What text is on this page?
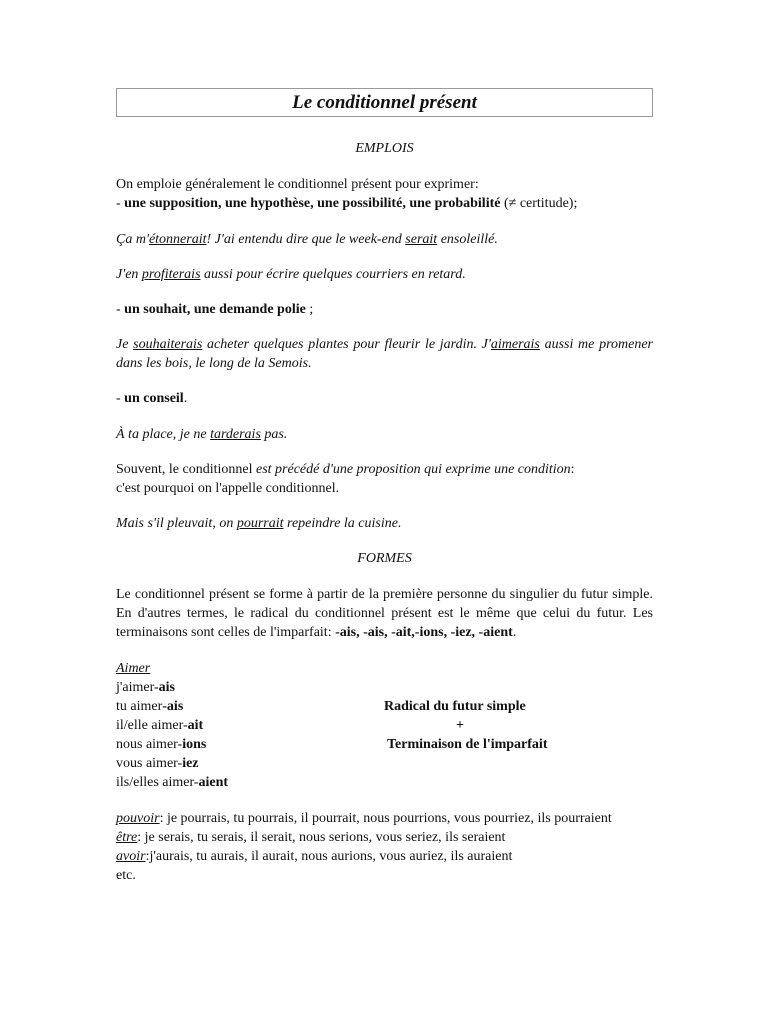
Le conditionnel présent

EMPLOIS

On emploie généralement le conditionnel présent pour exprimer:

- une supposition, une hypothèse, une possibilité, une probabilité (≠ certitude);

Ça m'étonnerait! J'ai entendu dire que le week-end serait ensoleillé.

J'en profiterais aussi pour écrire quelques courriers en retard.

- un souhait, une demande polie ;

Je souhaiterais acheter quelques plantes pour fleurir le jardin. J'aimerais aussi me promener dans les bois, le long de la Semois.

- un conseil.

À ta place, je ne tarderais pas.

Souvent, le conditionnel est précédé d'une proposition qui exprime une condition:
c'est pourquoi on l'appelle conditionnel.

Mais s'il pleuvait, on pourrait repeindre la cuisine.

FORMES

Le conditionnel présent se forme à partir de la première personne du singulier du futur simple. En d'autres termes, le radical du conditionnel présent est le même que celui du futur. Les terminaisons sont celles de l'imparfait: -ais, -ais, -ait,-ions, -iez, -aient.

Aimer

j'aimer-ais
tu aimer-ais	Radical du futur simple
il/elle aimer-ait	+
nous aimer-ions	Terminaison de l'imparfait
vous aimer-iez
ils/elles aimer-aient

pouvoir: je pourrais, tu pourrais, il pourrait, nous pourrions, vous pourriez, ils pourraient

être: je serais, tu serais, il serait, nous serions, vous seriez, ils seraient

avoir:j'aurais, tu aurais, il aurait, nous aurions, vous auriez, ils auraient

etc.
